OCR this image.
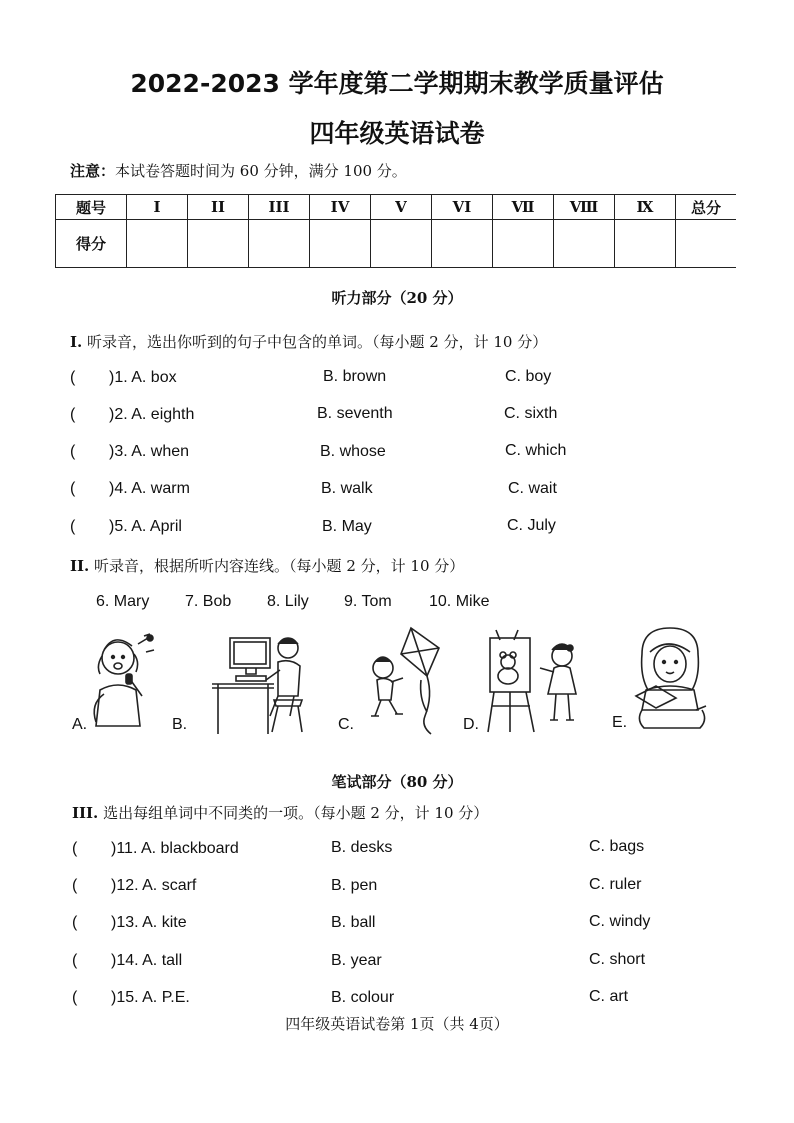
2022-2023 学年度第二学期期末教学质量评估
四年级英语试卷
注意：本试卷答题时间为 60 分钟，满分 100 分。
题号	I	II	III	IV	V	VI	Ⅶ	Ⅷ	Ⅸ	总分
得分										
听力部分（20 分）
I. 听录音，选出你听到的句子中包含的单词。（每小题 2 分，计 10 分）
( )1. A. box	B. brown	C. boy
( )2. A. eighth	B. seventh	C. sixth
( )3. A. when	B. whose	C. which
( )4. A. warm	B. walk	C. wait
( )5. A. April	B. May	C. July
II. 听录音，根据所听内容连线。（每小题 2 分，计 10 分）
6. Mary 7. Bob 8. Lily 9. Tom 10. Mike
A.	B.	C.	D.	E.
笔试部分（80 分）
III. 选出每组单词中不同类的一项。（每小题 2 分，计 10 分）
( )11. A. blackboard	B. desks	C. bags
( )12. A. scarf	B. pen	C. ruler
( )13. A. kite	B. ball	C. windy
( )14. A. tall	B. year	C. short
( )15. A. P.E.	B. colour	C. art
四年级英语试卷第 1页（共 4页）
